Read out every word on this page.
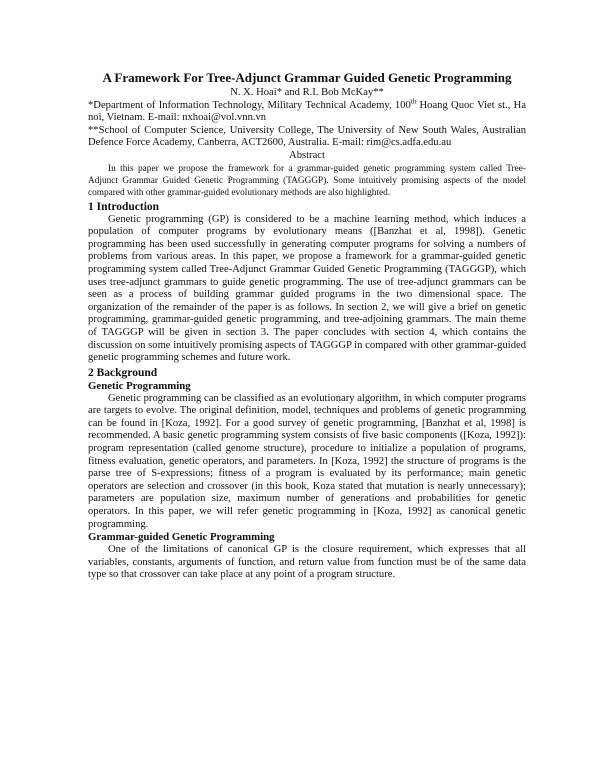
A Framework For Tree-Adjunct Grammar Guided Genetic Programming
N. X. Hoai* and R.I. Bob McKay**

*Department of Information Technology, Military Technical Academy, 100th Hoang Quoc Viet st., Ha noi, Vietnam. E-mail: nxhoai@vol.vnn.vn

**School of Computer Science, University College, The University of New South Wales, Australian Defence Force Academy, Canberra, ACT2600, Australia. E-mail: rim@cs.adfa.edu.au

Abstract

In this paper we propose the framework for a grammar-guided genetic programming system called Tree-Adjunct Grammar Guided Genetic Programming (TAGGGP). Some intuitively promising aspects of the model compared with other grammar-guided evolutionary methods are also highlighted.

1 Introduction

Genetic programming (GP) is considered to be a machine learning method, which induces a population of computer programs by evolutionary means ([Banzhat et al, 1998]). Genetic programming has been used successfully in generating computer programs for solving a numbers of problems from various areas. In this paper, we propose a framework for a grammar-guided genetic programming system called Tree-Adjunct Grammar Guided Genetic Programming (TAGGGP), which uses tree-adjunct grammars to guide genetic programming. The use of tree-adjunct grammars can be seen as a process of building grammar guided programs in the two dimensional space. The organization of the remainder of the paper is as follows. In section 2, we will give a brief on genetic programming, grammar-guided genetic programming, and tree-adjoining grammars. The main theme of TAGGGP will be given in section 3. The paper concludes with section 4, which contains the discussion on some intuitively promising aspects of TAGGGP in compared with other grammar-guided genetic programming schemes and future work.

2 Background
Genetic Programming

Genetic programming can be classified as an evolutionary algorithm, in which computer programs are targets to evolve. The original definition, model, techniques and problems of genetic programming can be found in [Koza, 1992]. For a good survey of genetic programming, [Banzhat et al, 1998] is recommended. A basic genetic programming system consists of five basic components ([Koza, 1992]): program representation (called genome structure), procedure to initialize a population of programs, fitness evaluation, genetic operators, and parameters. In [Koza, 1992] the structure of programs is the parse tree of S-expressions; fitness of a program is evaluated by its performance; main genetic operators are selection and crossover (in this book, Koza stated that mutation is nearly unnecessary); parameters are population size, maximum number of generations and probabilities for genetic operators. In this paper, we will refer genetic programming in [Koza, 1992] as canonical genetic programming.

Grammar-guided Genetic Programming

One of the limitations of canonical GP is the closure requirement, which expresses that all variables, constants, arguments of function, and return value from function must be of the same data type so that crossover can take place at any point of a program structure.
